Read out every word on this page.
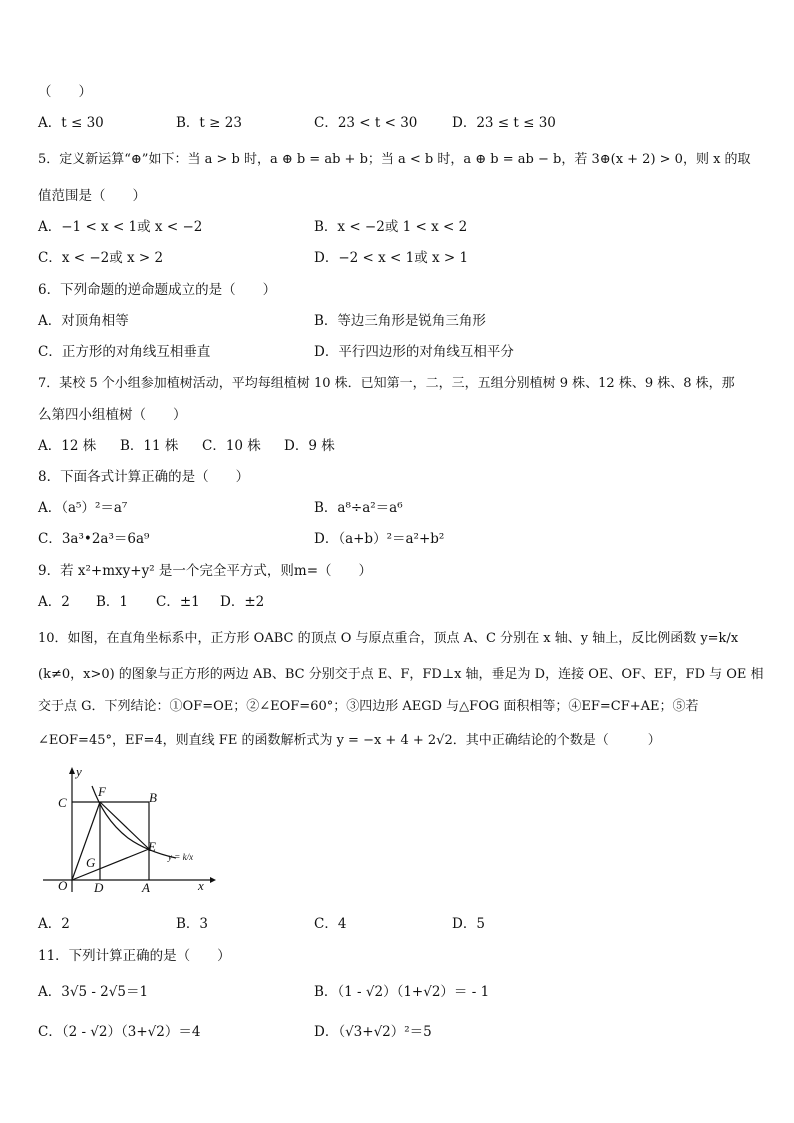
（　　）
A．t ≤ 30	B．t ≥ 23	C．23 < t < 30	D．23 ≤ t ≤ 30
5．定义新运算“⊕”如下：当 a > b 时，a ⊕ b = ab + b；当 a < b 时，a ⊕ b = ab − b，若 3⊕(x + 2) > 0，则 x 的取
值范围是（　　）
A．−1 < x < 1或 x < −2	B．x < −2或 1 < x < 2
C．x < −2或 x > 2	D．−2 < x < 1或 x > 1
6．下列命题的逆命题成立的是（　　）
A．对顶角相等	B．等边三角形是锐角三角形
C．正方形的对角线互相垂直	D．平行四边形的对角线互相平分
7．某校 5 个小组参加植树活动，平均每组植树 10 株．已知第一，二，三，五组分别植树 9 株、12 株、9 株、8 株，那
么第四小组植树（　　）
A．12 株 B．11 株 C．10 株 D．9 株
8．下面各式计算正确的是（　　）
A．（a⁵）²＝a⁷	B．a⁸÷a²＝a⁶
C．3a³•2a³＝6a⁹	D．（a+b）²＝a²+b²
9．若 x²+mxy+y² 是一个完全平方式，则m=（　　）
A．2 B．1 C．±1 D．±2
10．如图，在直角坐标系中，正方形 OABC 的顶点 O 与原点重合，顶点 A、C 分别在 x 轴、y 轴上，反比例函数 y=k/x
(k≠0，x>0) 的图象与正方形的两边 AB、BC 分别交于点 E、F，FD⊥x 轴，垂足为 D，连接 OE、OF、EF，FD 与 OE 相
交于点 G．下列结论：①OF=OE；②∠EOF=60°；③四边形 AEGD 与△FOG 面积相等；④EF=CF+AE；⑤若
∠EOF=45°，EF=4，则直线 FE 的函数解析式为 y = −x + 4 + 2√2．其中正确结论的个数是（　　　）
y
C
F	B
E
G
O D	A	x
y = k/x
A．2	B．3	C．4	D．5
11．下列计算正确的是（　　）
A．3√5 - 2√5＝1	B．（1 - √2）（1+√2）＝ - 1
C．（2 - √2）（3+√2）＝4	D．（√3+√2）²＝5
